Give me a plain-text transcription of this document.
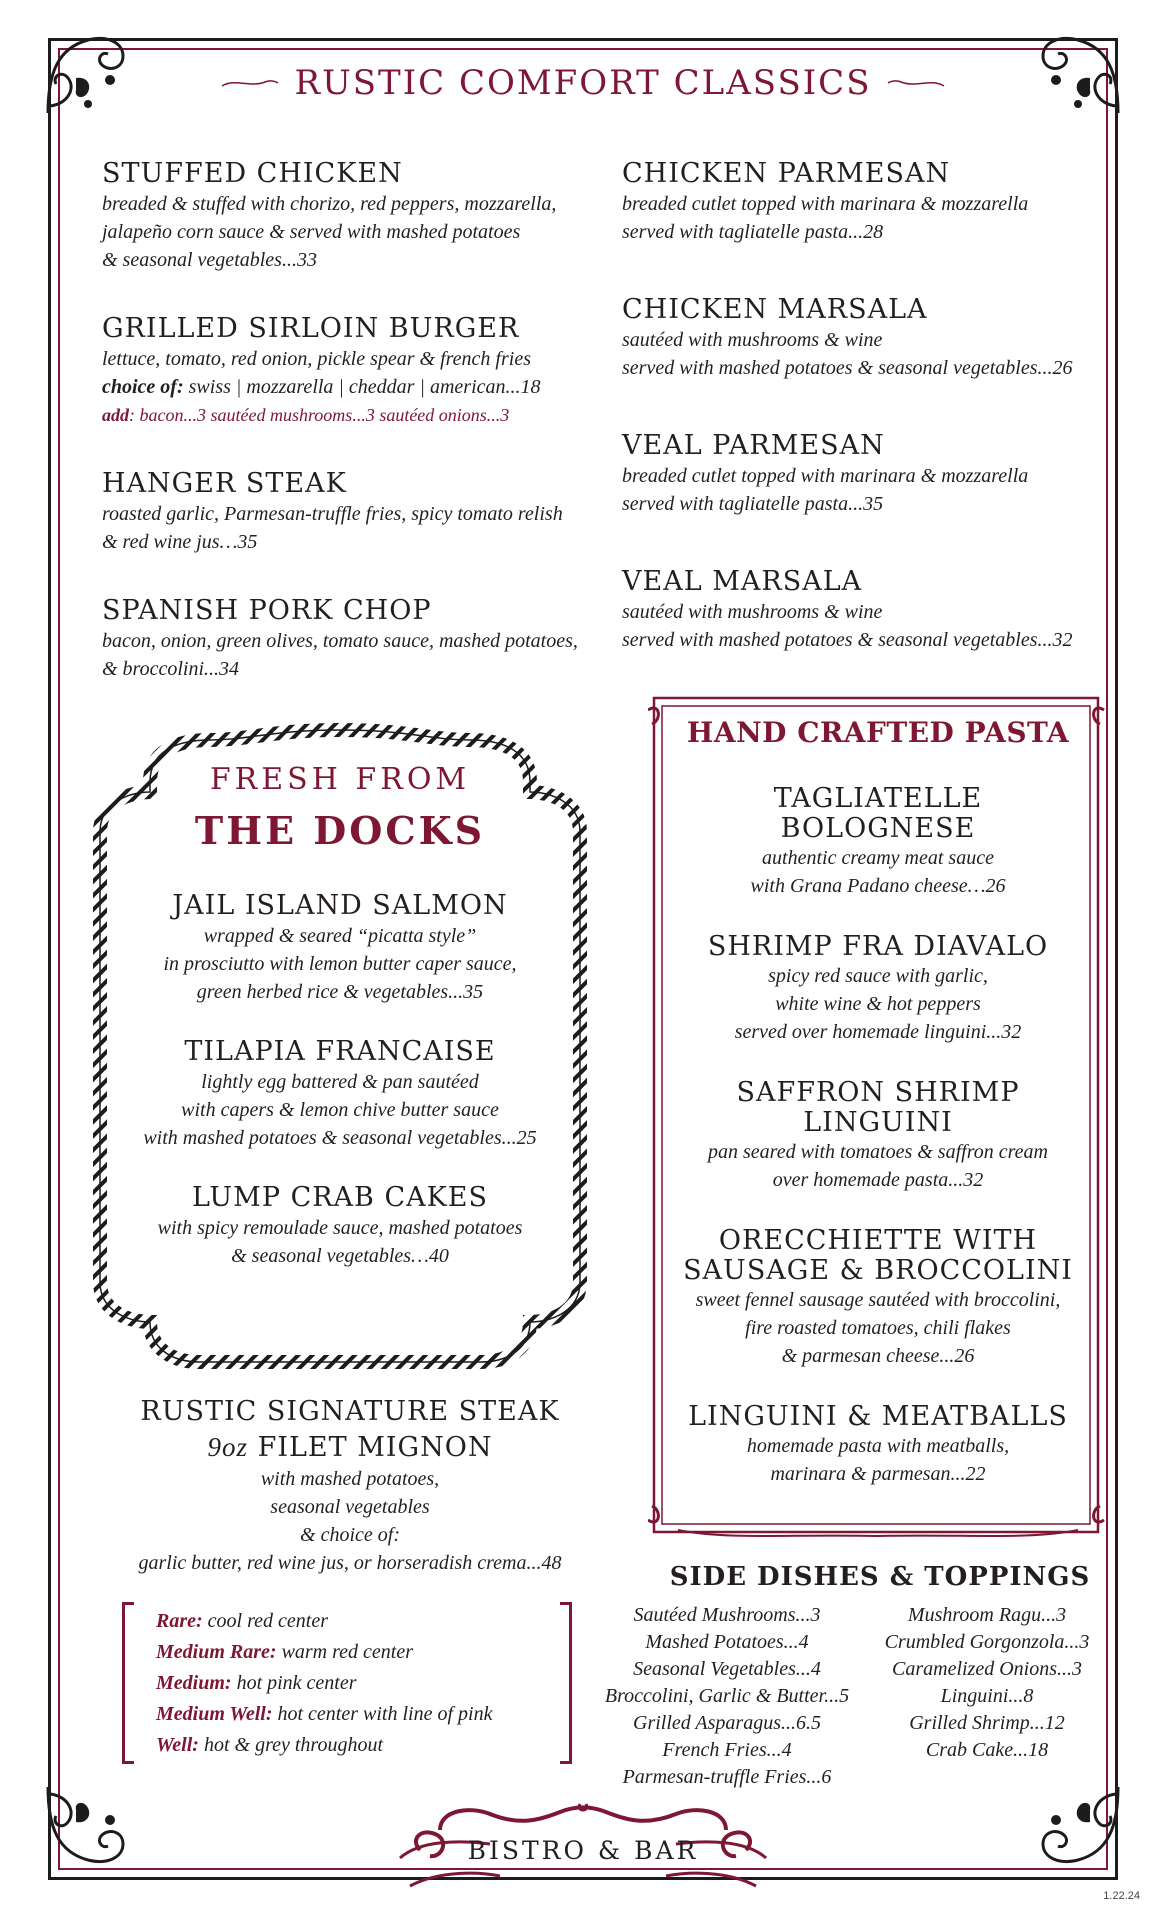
RUSTIC COMFORT CLASSICS
STUFFED CHICKEN
breaded & stuffed with chorizo, red peppers, mozzarella,
jalapeño corn sauce & served with mashed potatoes
& seasonal vegetables...33
GRILLED SIRLOIN BURGER
lettuce, tomato, red onion, pickle spear & french fries
choice of: swiss | mozzarella | cheddar | american...18
add: bacon...3 sautéed mushrooms...3 sautéed onions...3
HANGER STEAK
roasted garlic, Parmesan-truffle fries, spicy tomato relish
& red wine jus…35
SPANISH PORK CHOP
bacon, onion, green olives, tomato sauce, mashed potatoes,
& broccolini...34
CHICKEN PARMESAN
breaded cutlet topped with marinara & mozzarella
served with tagliatelle pasta...28
CHICKEN MARSALA
sautéed with mushrooms & wine
served with mashed potatoes & seasonal vegetables...26
VEAL PARMESAN
breaded cutlet topped with marinara & mozzarella
served with tagliatelle pasta...35
VEAL MARSALA
sautéed with mushrooms & wine
served with mashed potatoes & seasonal vegetables...32
FRESH FROM
THE DOCKS
JAIL ISLAND SALMON
wrapped & seared “picatta style”
in prosciutto with lemon butter caper sauce,
green herbed rice & vegetables...35
TILAPIA FRANCAISE
lightly egg battered & pan sautéed
with capers & lemon chive butter sauce
with mashed potatoes & seasonal vegetables...25
LUMP CRAB CAKES
with spicy remoulade sauce, mashed potatoes
& seasonal vegetables…40
RUSTIC SIGNATURE STEAK
9oz FILET MIGNON
with mashed potatoes,
seasonal vegetables
& choice of:
garlic butter, red wine jus, or horseradish crema...48
Rare: cool red center
Medium Rare: warm red center
Medium: hot pink center
Medium Well: hot center with line of pink
Well: hot & grey throughout
HAND CRAFTED PASTA
TAGLIATELLE BOLOGNESE
authentic creamy meat sauce
with Grana Padano cheese…26
SHRIMP FRA DIAVALO
spicy red sauce with garlic,
white wine & hot peppers
served over homemade linguini...32
SAFFRON SHRIMP LINGUINI
pan seared with tomatoes & saffron cream
over homemade pasta...32
ORECCHIETTE WITH SAUSAGE & BROCCOLINI
sweet fennel sausage sautéed with broccolini,
fire roasted tomatoes, chili flakes
& parmesan cheese...26
LINGUINI & MEATBALLS
homemade pasta with meatballs,
marinara & parmesan...22
SIDE DISHES & TOPPINGS
Sautéed Mushrooms...3
Mashed Potatoes...4
Seasonal Vegetables...4
Broccolini, Garlic & Butter...5
Grilled Asparagus...6.5
French Fries...4
Parmesan-truffle Fries...6
Mushroom Ragu...3
Crumbled Gorgonzola...3
Caramelized Onions...3
Linguini...8
Grilled Shrimp...12
Crab Cake...18
BISTRO & BAR
1.22.24
